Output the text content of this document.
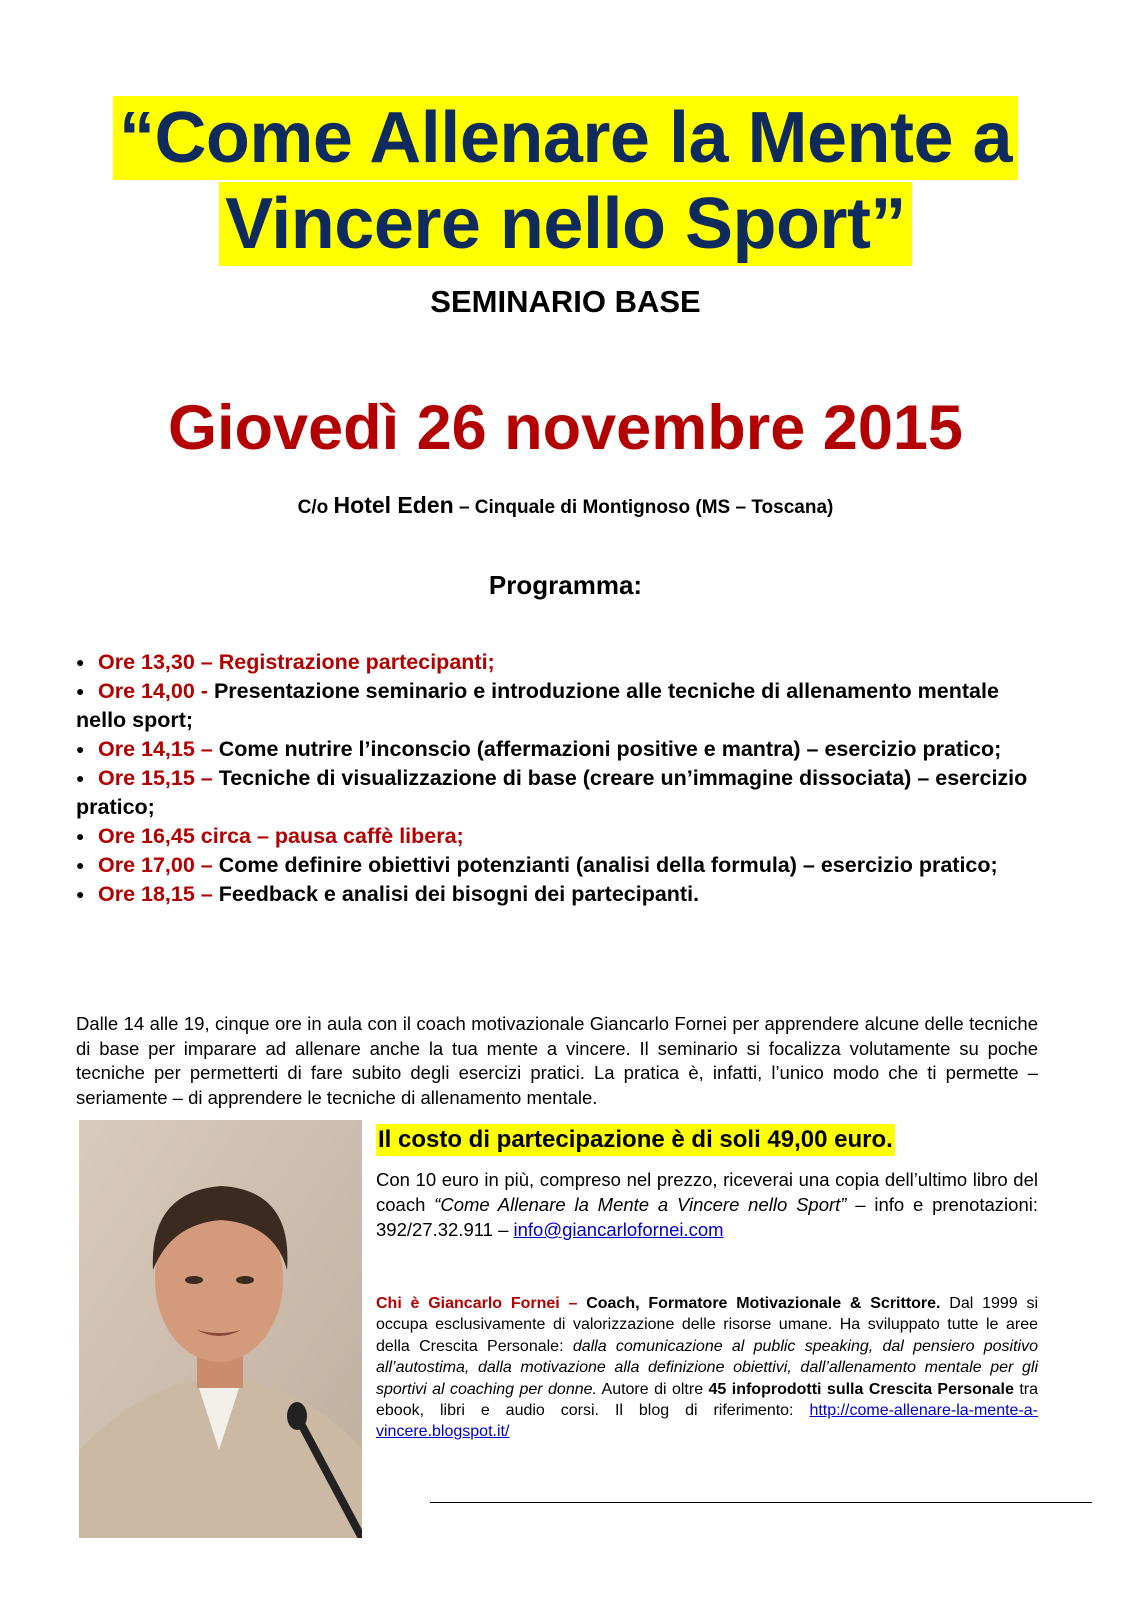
“Come Allenare la Mente a
Vincere nello Sport”
SEMINARIO BASE
Giovedì 26 novembre 2015
C/o Hotel Eden – Cinquale di Montignoso (MS – Toscana)
Programma:
● Ore 13,30 – Registrazione partecipanti;
● Ore 14,00 - Presentazione seminario e introduzione alle tecniche di allenamento mentale nello sport;
● Ore 14,15 – Come nutrire l’inconscio (affermazioni positive e mantra) – esercizio pratico;
● Ore 15,15 – Tecniche di visualizzazione di base (creare un’immagine dissociata) – esercizio pratico;
● Ore 16,45 circa – pausa caffè libera;
● Ore 17,00 – Come definire obiettivi potenzianti (analisi della formula) – esercizio pratico;
● Ore 18,15 – Feedback e analisi dei bisogni dei partecipanti.
Dalle 14 alle 19, cinque ore in aula con il coach motivazionale Giancarlo Fornei per apprendere alcune delle tecniche di base per imparare ad allenare anche la tua mente a vincere. Il seminario si focalizza volutamente su poche tecniche per permetterti di fare subito degli esercizi pratici. La pratica è, infatti, l’unico modo che ti permette – seriamente – di apprendere le tecniche di allenamento mentale.
Il costo di partecipazione è di soli 49,00 euro.
Con 10 euro in più, compreso nel prezzo, riceverai una copia dell’ultimo libro del coach “Come Allenare la Mente a Vincere nello Sport” – info e prenotazioni: 392/27.32.911 – info@giancarlofornei.com
Chi è Giancarlo Fornei – Coach, Formatore Motivazionale & Scrittore. Dal 1999 si occupa esclusivamente di valorizzazione delle risorse umane. Ha sviluppato tutte le aree della Crescita Personale: dalla comunicazione al public speaking, dal pensiero positivo all’autostima, dalla motivazione alla definizione obiettivi, dall’allenamento mentale per gli sportivi al coaching per donne. Autore di oltre 45 infoprodotti sulla Crescita Personale tra ebook, libri e audio corsi. Il blog di riferimento: http://come-allenare-la-mente-a-vincere.blogspot.it/
